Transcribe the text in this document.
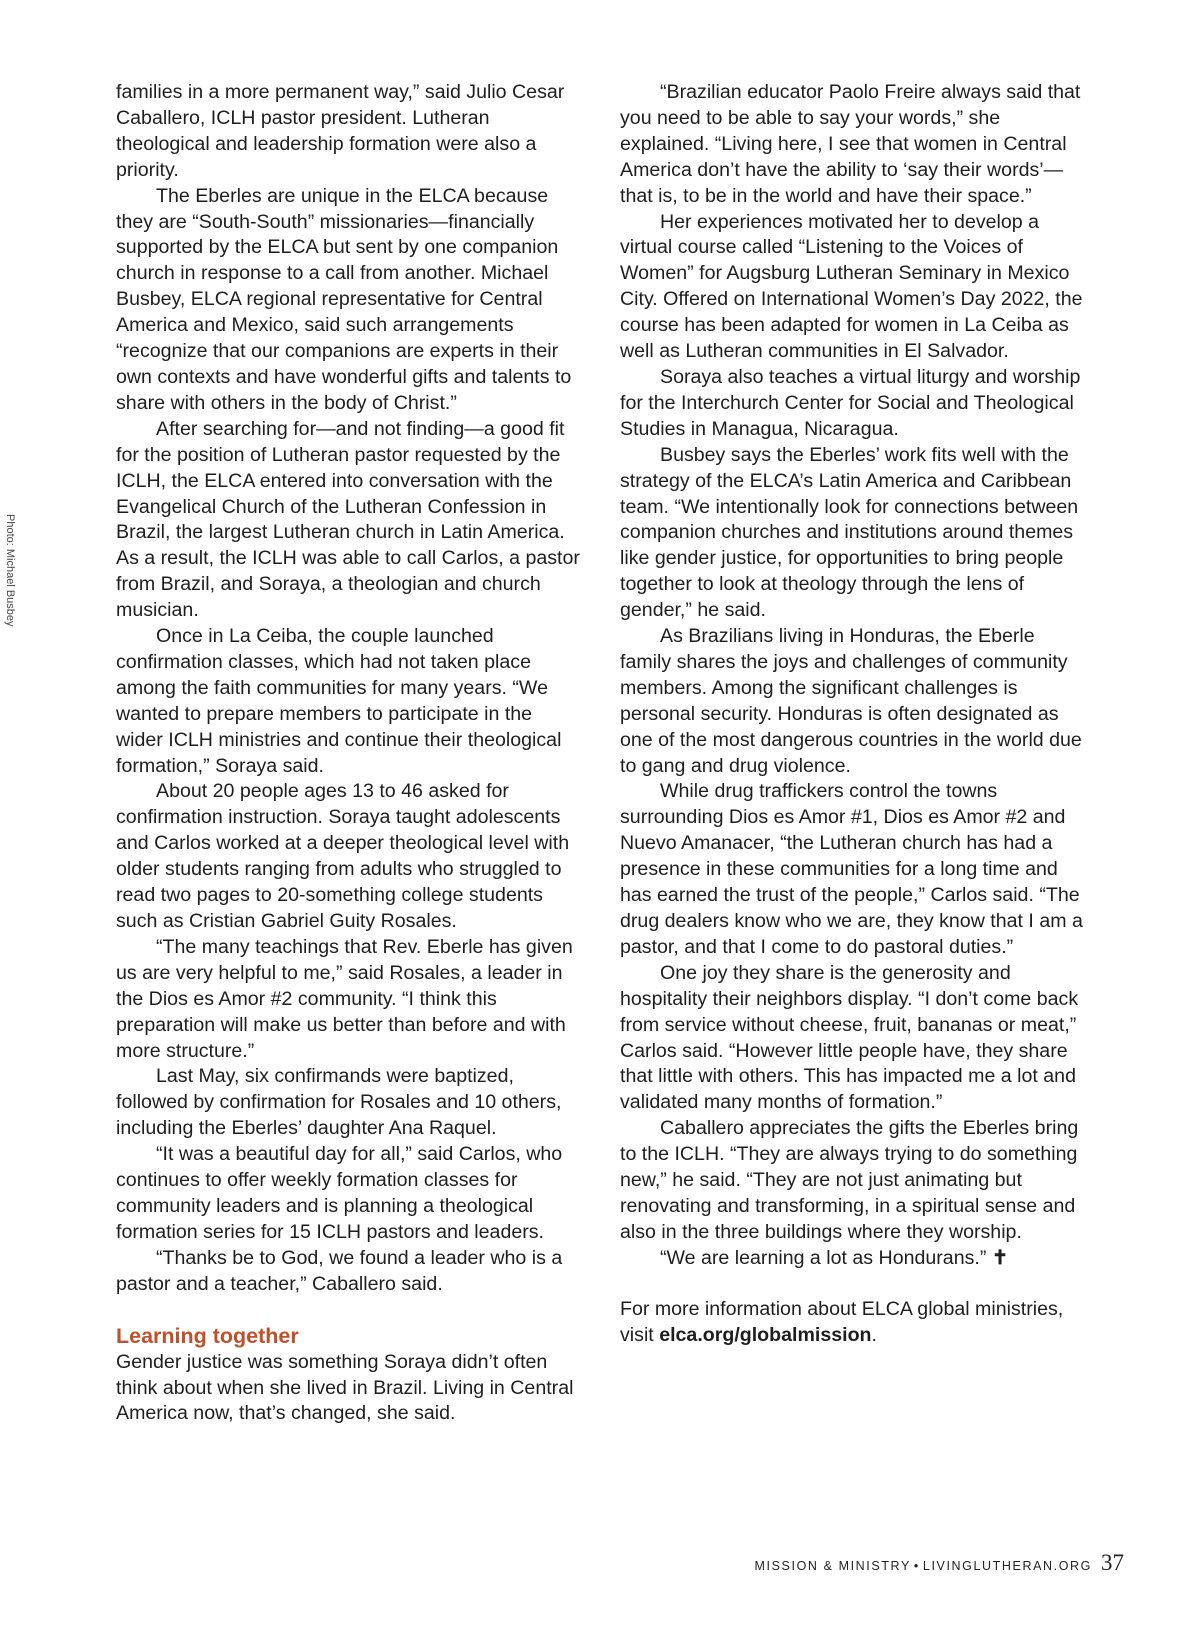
Photo: Michael Busbey

families in a more permanent way,” said Julio Cesar Caballero, ICLH pastor president. Lutheran theological and leadership formation were also a priority.

The Eberles are unique in the ELCA because they are “South-South” missionaries—financially supported by the ELCA but sent by one companion church in response to a call from another. Michael Busbey, ELCA regional representative for Central America and Mexico, said such arrangements “recognize that our companions are experts in their own contexts and have wonderful gifts and talents to share with others in the body of Christ.”

After searching for—and not finding—a good fit for the position of Lutheran pastor requested by the ICLH, the ELCA entered into conversation with the Evangelical Church of the Lutheran Confession in Brazil, the largest Lutheran church in Latin America. As a result, the ICLH was able to call Carlos, a pastor from Brazil, and Soraya, a theologian and church musician.

Once in La Ceiba, the couple launched confirmation classes, which had not taken place among the faith communities for many years. “We wanted to prepare members to participate in the wider ICLH ministries and continue their theological formation,” Soraya said.

About 20 people ages 13 to 46 asked for confirmation instruction. Soraya taught adolescents and Carlos worked at a deeper theological level with older students ranging from adults who struggled to read two pages to 20-something college students such as Cristian Gabriel Guity Rosales.

“The many teachings that Rev. Eberle has given us are very helpful to me,” said Rosales, a leader in the Dios es Amor #2 community. “I think this preparation will make us better than before and with more structure.”

Last May, six confirmands were baptized, followed by confirmation for Rosales and 10 others, including the Eberles’ daughter Ana Raquel.

“It was a beautiful day for all,” said Carlos, who continues to offer weekly formation classes for community leaders and is planning a theological formation series for 15 ICLH pastors and leaders.

“Thanks be to God, we found a leader who is a pastor and a teacher,” Caballero said.

Learning together

Gender justice was something Soraya didn’t often think about when she lived in Brazil. Living in Central America now, that’s changed, she said.

“Brazilian educator Paolo Freire always said that you need to be able to say your words,” she explained. “Living here, I see that women in Central America don’t have the ability to ‘say their words’—that is, to be in the world and have their space.”

Her experiences motivated her to develop a virtual course called “Listening to the Voices of Women” for Augsburg Lutheran Seminary in Mexico City. Offered on International Women’s Day 2022, the course has been adapted for women in La Ceiba as well as Lutheran communities in El Salvador.

Soraya also teaches a virtual liturgy and worship for the Interchurch Center for Social and Theological Studies in Managua, Nicaragua.

Busbey says the Eberles’ work fits well with the strategy of the ELCA’s Latin America and Caribbean team. “We intentionally look for connections between companion churches and institutions around themes like gender justice, for opportunities to bring people together to look at theology through the lens of gender,” he said.

As Brazilians living in Honduras, the Eberle family shares the joys and challenges of community members. Among the significant challenges is personal security. Honduras is often designated as one of the most dangerous countries in the world due to gang and drug violence.

While drug traffickers control the towns surrounding Dios es Amor #1, Dios es Amor #2 and Nuevo Amanacer, “the Lutheran church has had a presence in these communities for a long time and has earned the trust of the people,” Carlos said. “The drug dealers know who we are, they know that I am a pastor, and that I come to do pastoral duties.”

One joy they share is the generosity and hospitality their neighbors display. “I don’t come back from service without cheese, fruit, bananas or meat,” Carlos said. “However little people have, they share that little with others. This has impacted me a lot and validated many months of formation.”

Caballero appreciates the gifts the Eberles bring to the ICLH. “They are always trying to do something new,” he said. “They are not just animating but renovating and transforming, in a spiritual sense and also in the three buildings where they worship.

“We are learning a lot as Hondurans.” ✝

For more information about ELCA global ministries, visit elca.org/globalmission.

MISSION & MINISTRY • LIVINGLUTHERAN.ORG 37
